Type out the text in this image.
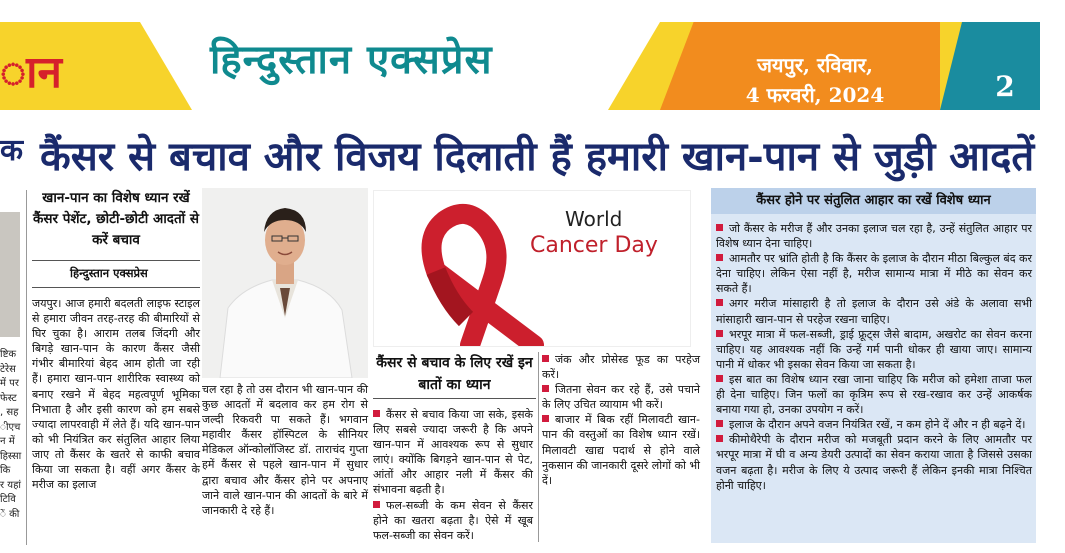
ान	हिन्दुस्तान एक्सप्रेस	जयपुर, रविवार,
4 फरवरी, 2024	2
कैंसर से बचाव और विजय दिलाती हैं हमारी खान-पान से जुड़ी आदतें
क
ष्टिक
टेरेस
में पर
फेस्ट
, सह
ीएच
न में
हिस्सा
कि
र यहां
टिवि
ें की
खान-पान का विशेष ध्यान रखें कैंसर पेशेंट, छोटी-छोटी आदतों से करें बचाव
हिन्दुस्तान एक्सप्रेस
जयपुर। आज हमारी बदलती लाइफ स्टाइल से हमारा जीवन तरह-तरह की बीमारियों से घिर चुका है। आराम तलब जिंदगी और बिगड़े खान-पान के कारण कैंसर जैसी गंभीर बीमारियां बेहद आम होती जा रही हैं। हमारा खान-पान शारीरिक स्वास्थ्य को बनाए रखने में बेहद महत्वपूर्ण भूमिका निभाता है और इसी कारण को हम सबसे ज्यादा लापरवाही में लेते हैं। यदि खान-पान को भी नियंत्रित कर संतुलित आहार लिया जाए तो कैंसर के खतरे से काफी बचाव किया जा सकता है। वहीं अगर कैंसर के मरीज का इलाज
चल रहा है तो उस दौरान भी खान-पान की कुछ आदतों में बदलाव कर हम रोग से जल्दी रिकवरी पा सकते हैं। भगवान महावीर कैंसर हॉस्पिटल के सीनियर मेडिकल ऑन्कोलॉजिस्ट डॉ. ताराचंद गुप्ता हमें कैंसर से पहले खान-पान में सुधार द्वारा बचाव और कैंसर होने पर अपनाए जाने वाले खान-पान की आदतों के बारे में जानकारी दे रहे हैं।
World
Cancer Day
कैंसर से बचाव के लिए रखें इन बातों का ध्यान

कैंसर से बचाव किया जा सके, इसके लिए सबसे ज्यादा जरूरी है कि अपने खान-पान में आवश्यक रूप से सुधार लाएं। क्योंकि बिगड़ने खान-पान से पेट, आंतों और आहार नली में कैंसर की संभावना बढ़ती है।

फल-सब्जी के कम सेवन से कैंसर होने का खतरा बढ़ता है। ऐसे में खूब फल-सब्जी का सेवन करें।

जंक और प्रोसेस्ड फूड का परहेज करें।

जितना सेवन कर रहे हैं, उसे पचाने के लिए उचित व्यायाम भी करें।

बाजार में बिक रहीं मिलावटी खान-पान की वस्तुओं का विशेष ध्यान रखें। मिलावटी खाद्य पदार्थ से होने वाले नुकसान की जानकारी दूसरे लोगों को भी दें।

कैंसर होने पर संतुलित आहार का रखें विशेष ध्यान

जो कैंसर के मरीज हैं और उनका इलाज चल रहा है, उन्हें संतुलित आहार पर विशेष ध्यान देना चाहिए।

आमतौर पर भ्रांति होती है कि कैंसर के इलाज के दौरान मीठा बिल्कुल बंद कर देना चाहिए। लेकिन ऐसा नहीं है, मरीज सामान्य मात्रा में मीठे का सेवन कर सकते हैं।

अगर मरीज मांसाहारी है तो इलाज के दौरान उसे अंडे के अलावा सभी मांसाहारी खान-पान से परहेज रखना चाहिए।

भरपूर मात्रा में फल-सब्जी, ड्राई फ्रूट्स जैसे बादाम, अखरोट का सेवन करना चाहिए। यह आवश्यक नहीं कि उन्हें गर्म पानी धोकर ही खाया जाए। सामान्य पानी में धोकर भी इसका सेवन किया जा सकता है।

इस बात का विशेष ध्यान रखा जाना चाहिए कि मरीज को हमेशा ताजा फल ही देना चाहिए। जिन फलों का कृत्रिम रूप से रख-रखाव कर उन्हें आकर्षक बनाया गया हो, उनका उपयोग न करें।

इलाज के दौरान अपने वजन नियंत्रित रखें, न कम होने दें और न ही बढ़ने दें।

कीमोथैरेपी के दौरान मरीज को मजबूती प्रदान करने के लिए आमतौर पर भरपूर मात्रा में घी व अन्य डेयरी उत्पादों का सेवन कराया जाता है जिससे उसका वजन बढ़ता है। मरीज के लिए ये उत्पाद जरूरी हैं लेकिन इनकी मात्रा निश्चित होनी चाहिए।
